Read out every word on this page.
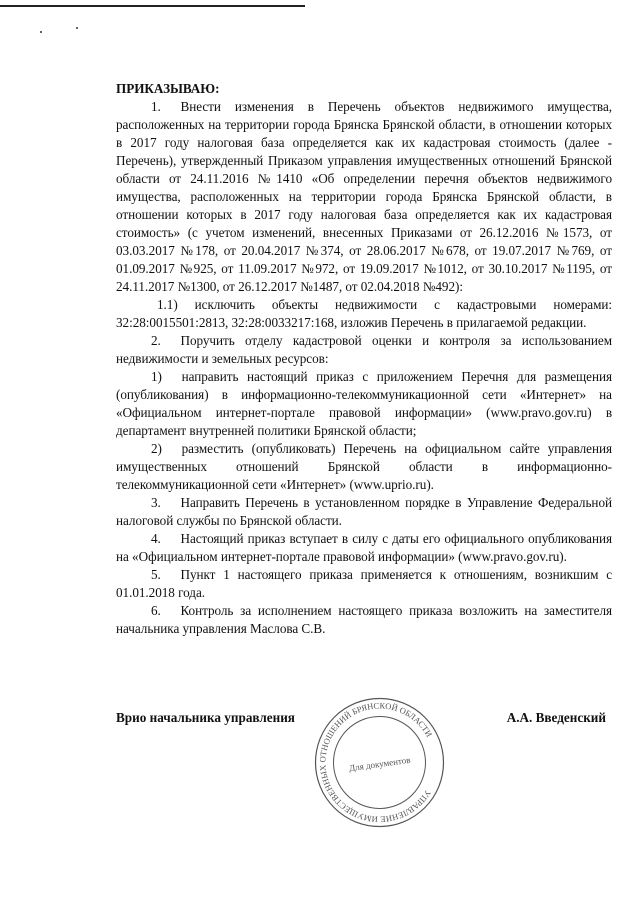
ПРИКАЗЫВАЮ:

1.  Внести изменения в Перечень объектов недвижимого имущества, расположенных на территории города Брянска Брянской области, в отношении которых в 2017 году налоговая база определяется как их кадастровая стоимость (далее - Перечень), утвержденный Приказом управления имущественных отношений Брянской области от 24.11.2016 №1410 «Об определении перечня объектов недвижимого имущества, расположенных на территории города Брянска Брянской области, в отношении которых в 2017 году налоговая база определяется как их кадастровая стоимость» (с учетом изменений, внесенных Приказами от 26.12.2016 №1573, от 03.03.2017 №178, от 20.04.2017 №374, от 28.06.2017 №678, от 19.07.2017 №769, от 01.09.2017 №925, от 11.09.2017 №972, от 19.09.2017 №1012, от 30.10.2017 №1195, от 24.11.2017 №1300, от 26.12.2017 №1487, от 02.04.2018 №492):

1.1) исключить объекты недвижимости с кадастровыми номерами: 32:28:0015501:2813, 32:28:0033217:168, изложив Перечень в прилагаемой редакции.

2.  Поручить отделу кадастровой оценки и контроля за использованием недвижимости и земельных ресурсов:

1)  направить настоящий приказ с приложением Перечня для размещения (опубликования) в информационно-телекоммуникационной сети «Интернет» на «Официальном интернет-портале правовой информации» (www.pravo.gov.ru) в департамент внутренней политики Брянской области;

2)  разместить (опубликовать) Перечень на официальном сайте управления имущественных отношений Брянской области в информационно-телекоммуникационной сети «Интернет» (www.uprio.ru).

3.  Направить Перечень в установленном порядке в Управление Федеральной налоговой службы по Брянской области.

4.  Настоящий приказ вступает в силу с даты его официального опубликования на «Официальном интернет-портале правовой информации» (www.pravo.gov.ru).

5.  Пункт 1 настоящего приказа применяется к отношениям, возникшим с 01.01.2018 года.

6.  Контроль за исполнением настоящего приказа возложить на заместителя начальника управления Маслова С.В.

УПРАВЛЕНИЕ ИМУЩЕСТВЕННЫХ ОТНОШЕНИЙ БРЯНСКОЙ ОБЛАСТИ
Для документов
Врио начальника управления	А.А. Введенский
